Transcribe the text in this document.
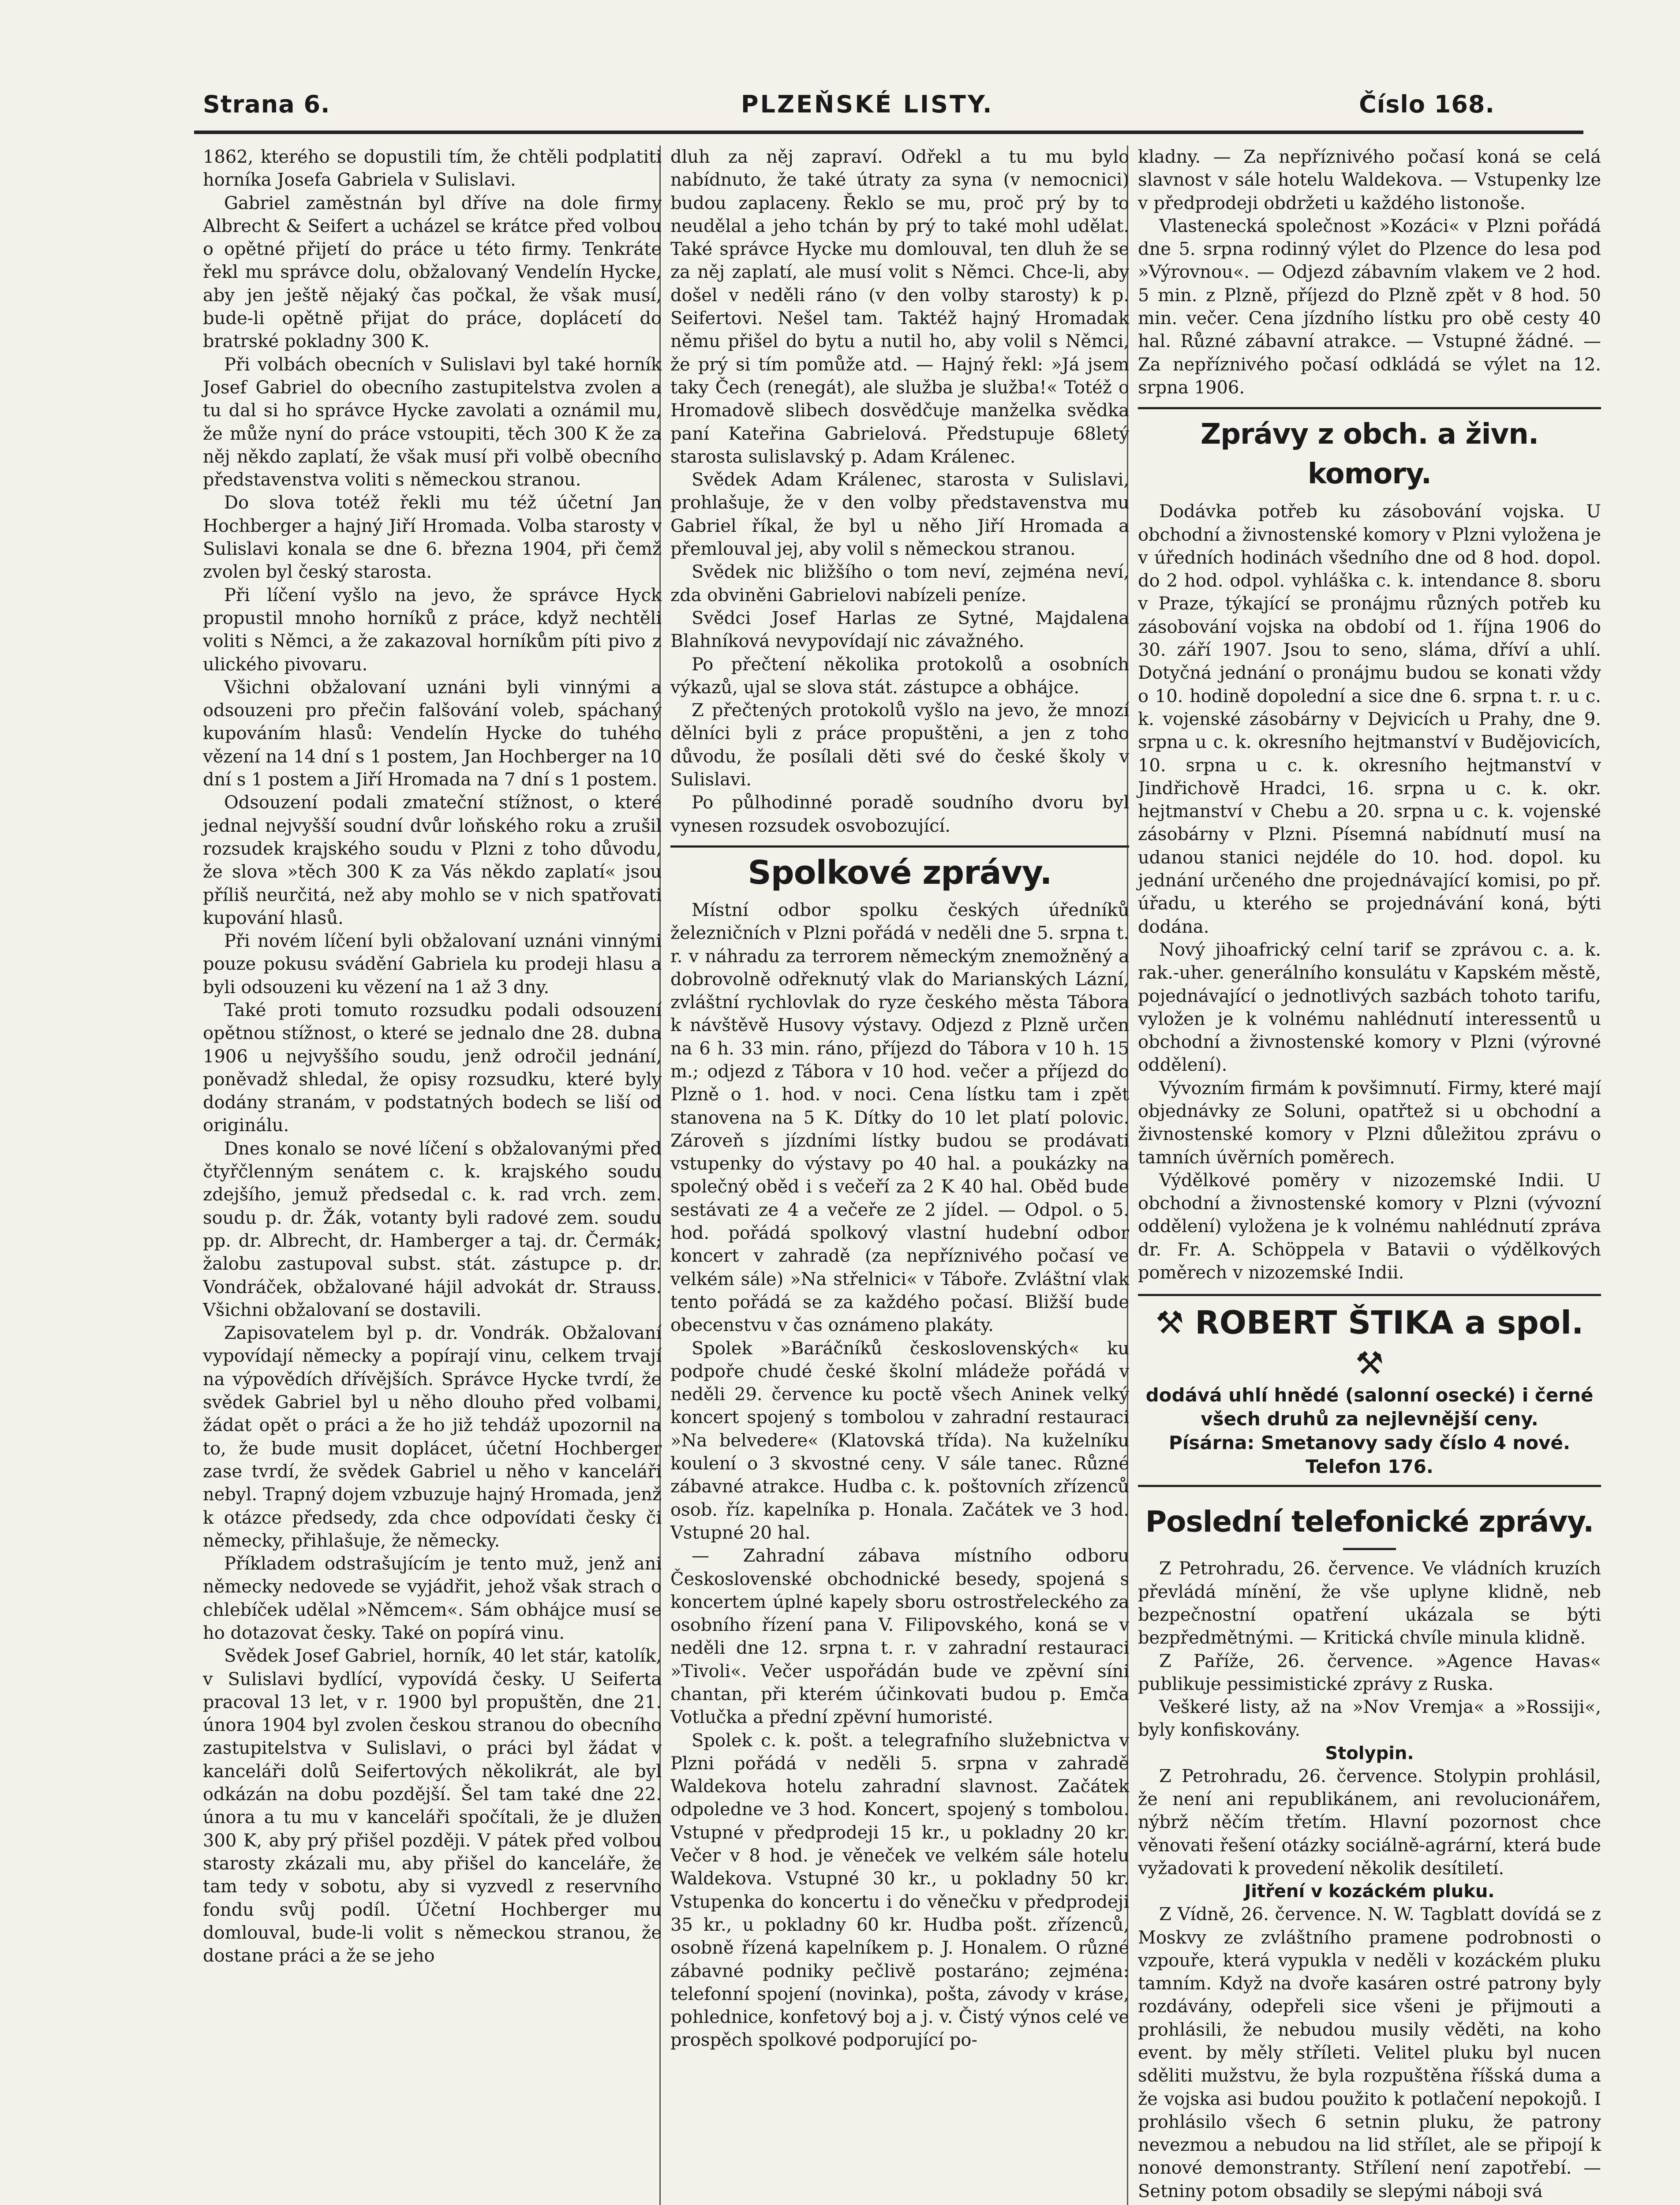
Strana 6.	PLZEŇSKÉ LISTY.	Číslo 168.

1862, kterého se dopustili tím, že chtěli podplatiti horníka Josefa Gabriela v Sulislavi.

Gabriel zaměstnán byl dříve na dole firmy Albrecht & Seifert a ucházel se krátce před volbou o opětné přijetí do práce u této firmy. Tenkráte řekl mu správce dolu, obžalovaný Vendelín Hycke, aby jen ještě nějaký čas počkal, že však musí, bude-li opětně přijat do práce, doplácetí do bratrské pokladny 300 K.

Při volbách obecních v Sulislavi byl také horník Josef Gabriel do obecního zastupitelstva zvolen a tu dal si ho správce Hycke zavolati a oznámil mu, že může nyní do práce vstoupiti, těch 300 K že za něj někdo zaplatí, že však musí při volbě obecního představenstva voliti s německou stranou.

Do slova totéž řekli mu též účetní Jan Hochberger a hajný Jiří Hromada. Volba starosty v Sulislavi konala se dne 6. března 1904, při čemž zvolen byl český starosta.

Při líčení vyšlo na jevo, že správce Hyck propustil mnoho horníků z práce, když nechtěli voliti s Němci, a že zakazoval horníkům píti pivo z ulického pivovaru.

Všichni obžalovaní uznáni byli vinnými a odsouzeni pro přečin falšování voleb, spáchaný kupováním hlasů: Vendelín Hycke do tuhého vězení na 14 dní s 1 postem, Jan Hochberger na 10 dní s 1 postem a Jiří Hromada na 7 dní s 1 postem.

Odsouzení podali zmateční stížnost, o které jednal nejvyšší soudní dvůr loňského roku a zrušil rozsudek krajského soudu v Plzni z toho důvodu, že slova »těch 300 K za Vás někdo zaplatí« jsou příliš neurčitá, než aby mohlo se v nich spatřovati kupování hlasů.

Při novém líčení byli obžalovaní uznáni vinnými pouze pokusu svádění Gabriela ku prodeji hlasu a byli odsouzeni ku vězení na 1 až 3 dny.

Také proti tomuto rozsudku podali odsouzení opětnou stížnost, o které se jednalo dne 28. dubna 1906 u nejvyššího soudu, jenž odročil jednání, poněvadž shledal, že opisy rozsudku, které byly dodány stranám, v podstatných bodech se liší od originálu.

Dnes konalo se nové líčení s obžalovanými před čtyřčlenným senátem c. k. krajského soudu zdejšího, jemuž předsedal c. k. rad vrch. zem. soudu p. dr. Žák, votanty byli radové zem. soudu pp. dr. Albrecht, dr. Hamberger a taj. dr. Čermák; žalobu zastupoval subst. stát. zástupce p. dr. Vondráček, obžalované hájil advokát dr. Strauss. Všichni obžalovaní se dostavili.

Zapisovatelem byl p. dr. Vondrák. Obžalovaní vypovídají německy a popírají vinu, celkem trvají na výpovědích dřívějších. Správce Hycke tvrdí, že svědek Gabriel byl u něho dlouho před volbami, žádat opět o práci a že ho již tehdáž upozornil na to, že bude musit doplácet, účetní Hochberger zase tvrdí, že svědek Gabriel u něho v kanceláři nebyl. Trapný dojem vzbuzuje hajný Hromada, jenž k otázce předsedy, zda chce odpovídati česky či německy, přihlašuje, že německy.

Příkladem odstrašujícím je tento muž, jenž ani německy nedovede se vyjádřit, jehož však strach o chlebíček udělal »Němcem«. Sám obhájce musí se ho dotazovat česky. Také on popírá vinu.

Svědek Josef Gabriel, horník, 40 let stár, katolík, v Sulislavi bydlící, vypovídá česky. U Seiferta pracoval 13 let, v r. 1900 byl propuštěn, dne 21. února 1904 byl zvolen českou stranou do obecního zastupitelstva v Sulislavi, o práci byl žádat v kanceláři dolů Seifertových několikrát, ale byl odkázán na dobu pozdější. Šel tam také dne 22. února a tu mu v kanceláři spočítali, že je dlužen 300 K, aby prý přišel později. V pátek před volbou starosty zkázali mu, aby přišel do kanceláře, že tam tedy v sobotu, aby si vyzvedl z reservního fondu svůj podíl. Účetní Hochberger mu domlouval, bude-li volit s německou stranou, že dostane práci a že se jeho

dluh za něj zapraví. Odřekl a tu mu bylo nabídnuto, že také útraty za syna (v nemocnici) budou zaplaceny. Řeklo se mu, proč prý by to neudělal a jeho tchán by prý to také mohl udělat. Také správce Hycke mu domlouval, ten dluh že se za něj zaplatí, ale musí volit s Němci. Chce-li, aby došel v neděli ráno (v den volby starosty) k p. Seifertovi. Nešel tam. Taktéž hajný Hromadak němu přišel do bytu a nutil ho, aby volil s Němci, že prý si tím pomůže atd. — Hajný řekl: »Já jsem taky Čech (renegát), ale služba je služba!« Totéž o Hromadově slibech dosvědčuje manželka svědka paní Kateřina Gabrielová. Předstupuje 68letý starosta sulislavský p. Adam Králenec.

Svědek Adam Králenec, starosta v Sulislavi, prohlašuje, že v den volby představenstva mu Gabriel říkal, že byl u něho Jiří Hromada a přemlouval jej, aby volil s německou stranou.

Svědek nic bližšího o tom neví, zejména neví, zda obviněni Gabrielovi nabízeli peníze.

Svědci Josef Harlas ze Sytné, Majdalena Blahníková nevypovídají nic závažného.

Po přečtení několika protokolů a osobních výkazů, ujal se slova stát. zástupce a obhájce.

Z přečtených protokolů vyšlo na jevo, že mnozí dělníci byli z práce propuštěni, a jen z toho důvodu, že posílali děti své do české školy v Sulislavi.

Po půlhodinné poradě soudního dvoru byl vynesen rozsudek osvobozující.

Spolkové zprávy.

Místní odbor spolku českých úředníků železničních v Plzni pořádá v neděli dne 5. srpna t. r. v náhradu za terrorem německým znemožněný a dobrovolně odřeknutý vlak do Marianských Lázní, zvláštní rychlovlak do ryze českého města Tábora k návštěvě Husovy výstavy. Odjezd z Plzně určen na 6 h. 33 min. ráno, příjezd do Tábora v 10 h. 15 m.; odjezd z Tábora v 10 hod. večer a příjezd do Plzně o 1. hod. v noci. Cena lístku tam i zpět stanovena na 5 K. Dítky do 10 let platí polovic. Zároveň s jízdními lístky budou se prodávati vstupenky do výstavy po 40 hal. a poukázky na společný oběd i s večeří za 2 K 40 hal. Oběd bude sestávati ze 4 a večeře ze 2 jídel. — Odpol. o 5. hod. pořádá spolkový vlastní hudební odbor koncert v zahradě (za nepříznivého počasí ve velkém sále) »Na střelnici« v Táboře. Zvláštní vlak tento pořádá se za každého počasí. Bližší bude obecenstvu v čas oznámeno plakáty.

Spolek »Baráčníků československých« ku podpoře chudé české školní mládeže pořádá v neděli 29. července ku poctě všech Aninek velký koncert spojený s tombolou v zahradní restauraci »Na belvedere« (Klatovská třída). Na kuželníku koulení o 3 skvostné ceny. V sále tanec. Různé zábavné atrakce. Hudba c. k. poštovních zřízenců osob. říz. kapelníka p. Honala. Začátek ve 3 hod. Vstupné 20 hal.

— Zahradní zábava místního odboru Československé obchodnické besedy, spojená s koncertem úplné kapely sboru ostrostřeleckého za osobního řízení pana V. Filipovského, koná se v neděli dne 12. srpna t. r. v zahradní restauraci »Tivoli«. Večer uspořádán bude ve zpěvní síni chantan, při kterém účinkovati budou p. Emča Votlučka a přední zpěvní humoristé.

Spolek c. k. pošt. a telegrafního služebnictva v Plzni pořádá v neděli 5. srpna v zahradě Waldekova hotelu zahradní slavnost. Začátek odpoledne ve 3 hod. Koncert, spojený s tombolou. Vstupné v předprodeji 15 kr., u pokladny 20 kr. Večer v 8 hod. je věneček ve velkém sále hotelu Waldekova. Vstupné 30 kr., u pokladny 50 kr. Vstupenka do koncertu i do věnečku v předprodeji 35 kr., u pokladny 60 kr. Hudba pošt. zřízenců, osobně řízená kapelníkem p. J. Honalem. O různé zábavné podniky pečlivě postaráno; zejména: telefonní spojení (novinka), pošta, závody v kráse, pohlednice, konfetový boj a j. v. Čistý výnos celé ve prospěch spolkové podporující po-

kladny. — Za nepříznivého počasí koná se celá slavnost v sále hotelu Waldekova. — Vstupenky lze v předprodeji obdržeti u každého listonoše.

Vlastenecká společnost »Kozáci« v Plzni pořádá dne 5. srpna rodinný výlet do Plzence do lesa pod »Výrovnou«. — Odjezd zábavním vlakem ve 2 hod. 5 min. z Plzně, příjezd do Plzně zpět v 8 hod. 50 min. večer. Cena jízdního lístku pro obě cesty 40 hal. Různé zábavní atrakce. — Vstupné žádné. — Za nepříznivého počasí odkládá se výlet na 12. srpna 1906.

Zprávy z obch. a živn. komory.

Dodávka potřeb ku zásobování vojska. U obchodní a živnostenské komory v Plzni vyložena je v úředních hodinách všedního dne od 8 hod. dopol. do 2 hod. odpol. vyhláška c. k. intendance 8. sboru v Praze, týkající se pronájmu různých potřeb ku zásobování vojska na období od 1. října 1906 do 30. září 1907. Jsou to seno, sláma, dříví a uhlí. Dotyčná jednání o pronájmu budou se konati vždy o 10. hodině dopolední a sice dne 6. srpna t. r. u c. k. vojenské zásobárny v Dejvicích u Prahy, dne 9. srpna u c. k. okresního hejtmanství v Budějovicích, 10. srpna u c. k. okresního hejtmanství v Jindřichově Hradci, 16. srpna u c. k. okr. hejtmanství v Chebu a 20. srpna u c. k. vojenské zásobárny v Plzni. Písemná nabídnutí musí na udanou stanici nejdéle do 10. hod. dopol. ku jednání určeného dne projednávající komisi, po př. úřadu, u kterého se projednávání koná, býti dodána.

Nový jihoafrický celní tarif se zprávou c. a. k. rak.-uher. generálního konsulátu v Kapském městě, pojednávající o jednotlivých sazbách tohoto tarifu, vyložen je k volnému nahlédnutí interessentů u obchodní a živnostenské komory v Plzni (výrovné oddělení).

Vývozním firmám k povšimnutí. Firmy, které mají objednávky ze Soluni, opatřtež si u obchodní a živnostenské komory v Plzni důležitou zprávu o tamních úvěrních poměrech.

Výdělkové poměry v nizozemské Indii. U obchodní a živnostenské komory v Plzni (vývozní oddělení) vyložena je k volnému nahlédnutí zpráva dr. Fr. A. Schöppela v Batavii o výdělkových poměrech v nizozemské Indii.

⚒ ROBERT ŠTIKA a spol. ⚒
dodává uhlí hnědé (salonní osecké) i černé všech druhů za nejlevnější ceny.
Písárna: Smetanovy sady číslo 4 nové.
Telefon 176.
Poslední telefonické zprávy.

Z Petrohradu, 26. července. Ve vládních kruzích převládá mínění, že vše uplyne klidně, neb bezpečnostní opatření ukázala se býti bezpředmětnými. — Kritická chvíle minula klidně.

Z Paříže, 26. července. »Agence Havas« publikuje pessimistické zprávy z Ruska.

Veškeré listy, až na »Nov Vremja« a »Rossiji«, byly konfiskovány.

Stolypin.

Z Petrohradu, 26. července. Stolypin prohlásil, že není ani republikánem, ani revolucionářem, nýbrž něčím třetím. Hlavní pozornost chce věnovati řešení otázky sociálně-agrární, která bude vyžadovati k provedení několik desítiletí.

Jitření v kozáckém pluku.

Z Vídně, 26. července. N. W. Tagblatt dovídá se z Moskvy ze zvláštního pramene podrobnosti o vzpouře, která vypukla v neděli v kozáckém pluku tamním. Když na dvoře kasáren ostré patrony byly rozdávány, odepřeli sice všeni je přijmouti a prohlásili, že nebudou musily věděti, na koho event. by měly stříleti. Velitel pluku byl nucen sděliti mužstvu, že byla rozpuštěna říšská duma a že vojska asi budou použito k potlačení nepokojů. I prohlásilo všech 6 setnin pluku, že patrony nevezmou a nebudou na lid střílet, ale se připojí k nonové demonstranty. Střílení není zapotřebí. — Setniny potom obsadily se slepými náboji svá
